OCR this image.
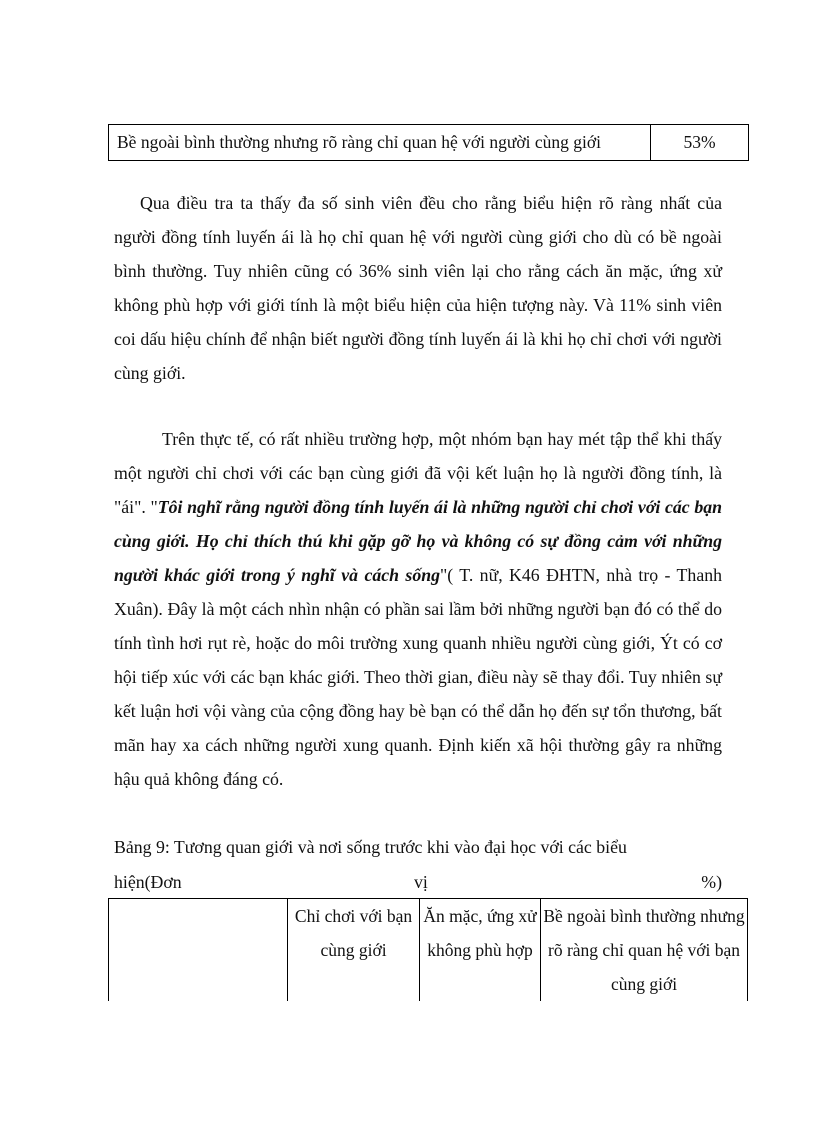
Bề ngoài bình thường nhưng rõ ràng chỉ quan hệ với người cùng giới	53%

Qua điều tra ta thấy đa số sinh viên đều cho rằng biểu hiện rõ ràng nhất của người đồng tính luyến ái là họ chỉ quan hệ với người cùng giới cho dù có bề ngoài bình thường. Tuy nhiên cũng có 36% sinh viên lại cho rằng cách ăn mặc, ứng xử không phù hợp với giới tính là một biểu hiện của hiện tượng này. Và 11% sinh viên coi dấu hiệu chính để nhận biết người đồng tính luyến ái là khi họ chỉ chơi với người cùng giới.

Trên thực tế, có rất nhiều trường hợp, một nhóm bạn hay mét tập thể khi thấy một người chỉ chơi với các bạn cùng giới đã vội kết luận họ là người đồng tính, là "ái". "Tôi nghĩ rằng người đồng tính luyến ái là những người chỉ chơi với các bạn cùng giới. Họ chỉ thích thú khi gặp gỡ họ và không có sự đồng cảm với những người khác giới trong ý nghĩ và cách sống"( T. nữ, K46 ĐHTN, nhà trọ - Thanh Xuân). Đây là một cách nhìn nhận có phần sai lầm bởi những người bạn đó có thể do tính tình hơi rụt rè, hoặc do môi trường xung quanh nhiều người cùng giới, Ýt có cơ hội tiếp xúc với các bạn khác giới. Theo thời gian, điều này sẽ thay đổi. Tuy nhiên sự kết luận hơi vội vàng của cộng đồng hay bè bạn có thể dẫn họ đến sự tổn thương, bất mãn hay xa cách những người xung quanh. Định kiến xã hội thường gây ra những hậu quả không đáng có.

Bảng 9: Tương quan giới và nơi sống trước khi vào đại học với các biểu
hiện(Đơn	vị	%)
	Chỉ chơi với bạn cùng giới	Ăn mặc, ứng xử không phù hợp	Bề ngoài bình thường nhưng rõ ràng chỉ quan hệ với bạn cùng giới
